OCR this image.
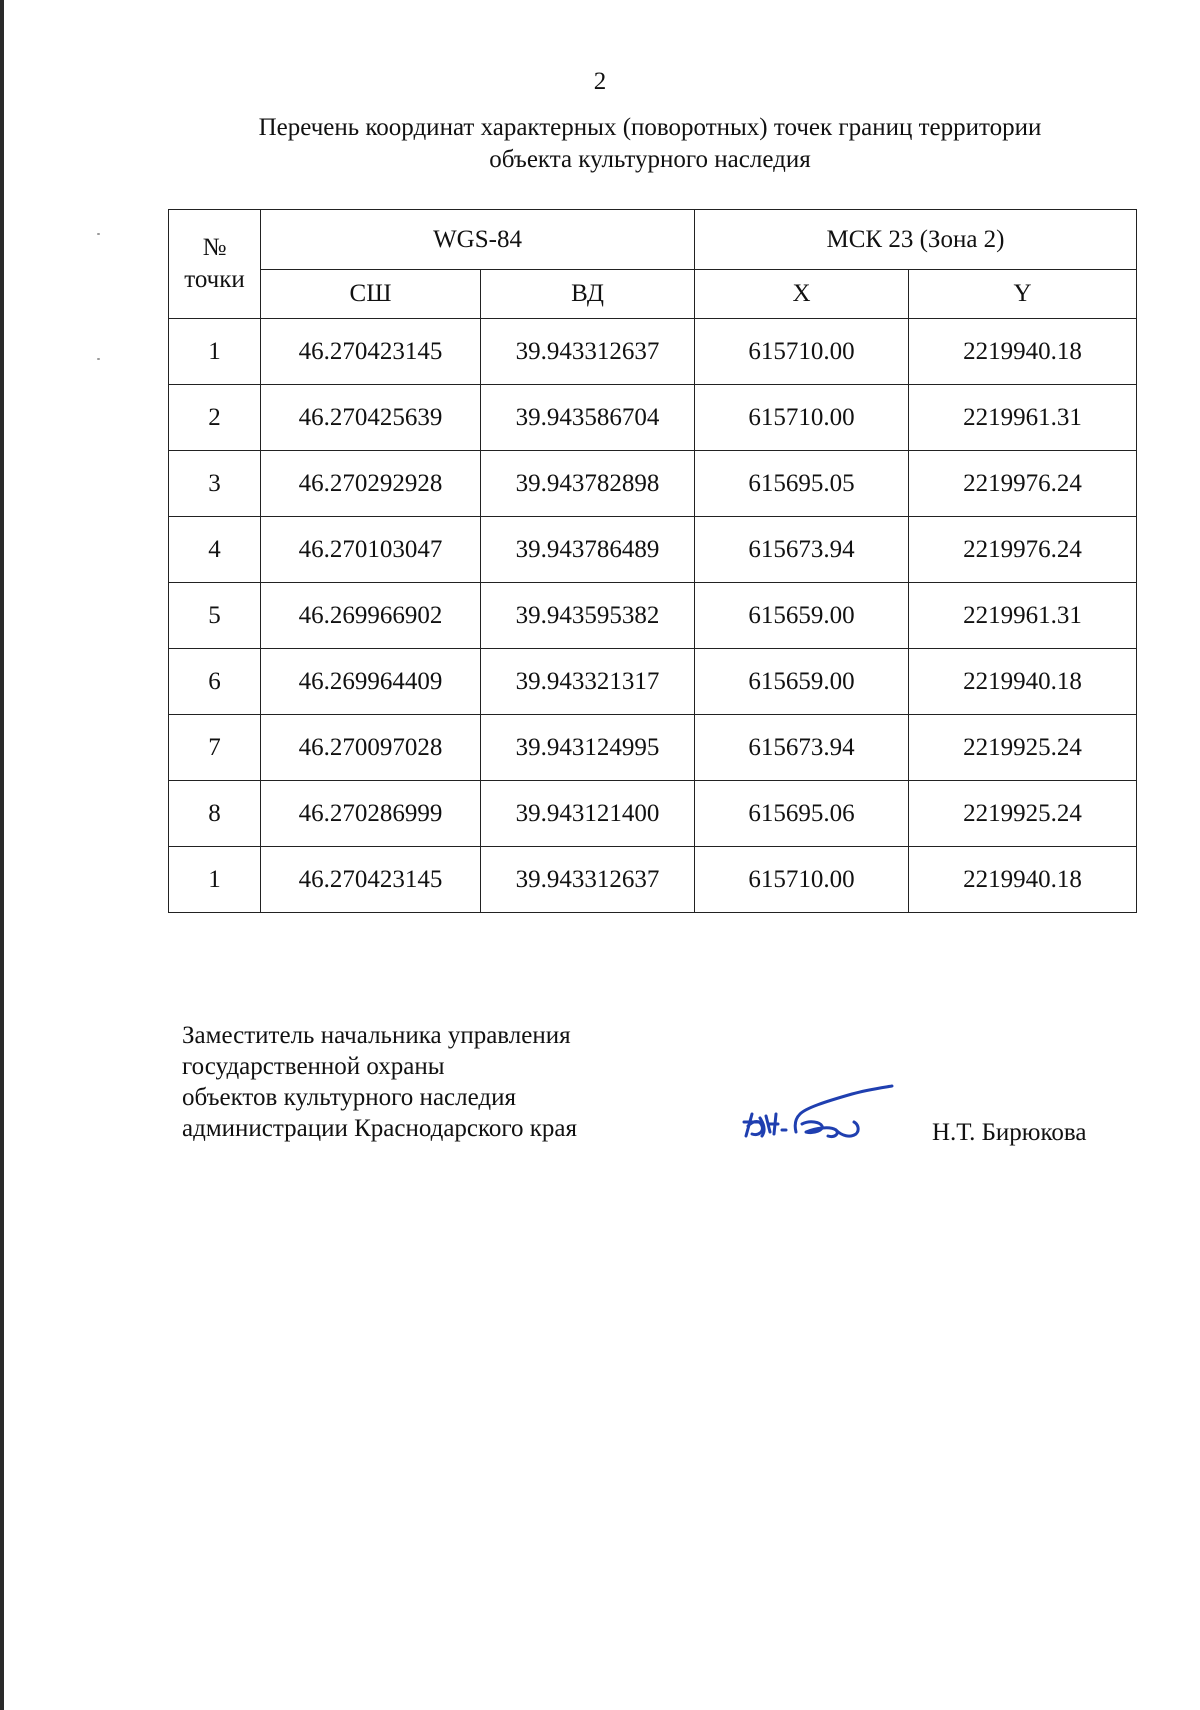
2
Перечень координат характерных (поворотных) точек границ территории
объекта культурного наследия
№
точки	WGS-84		МСК 23 (Зона 2)	
	СШ	ВД	X	Y
1	46.270423145	39.943312637	615710.00	2219940.18
2	46.270425639	39.943586704	615710.00	2219961.31
3	46.270292928	39.943782898	615695.05	2219976.24
4	46.270103047	39.943786489	615673.94	2219976.24
5	46.269966902	39.943595382	615659.00	2219961.31
6	46.269964409	39.943321317	615659.00	2219940.18
7	46.270097028	39.943124995	615673.94	2219925.24
8	46.270286999	39.943121400	615695.06	2219925.24
1	46.270423145	39.943312637	615710.00	2219940.18
Заместитель начальника управления
государственной охраны
объектов культурного наследия
администрации Краснодарского края	Н.Т. Бирюкова
